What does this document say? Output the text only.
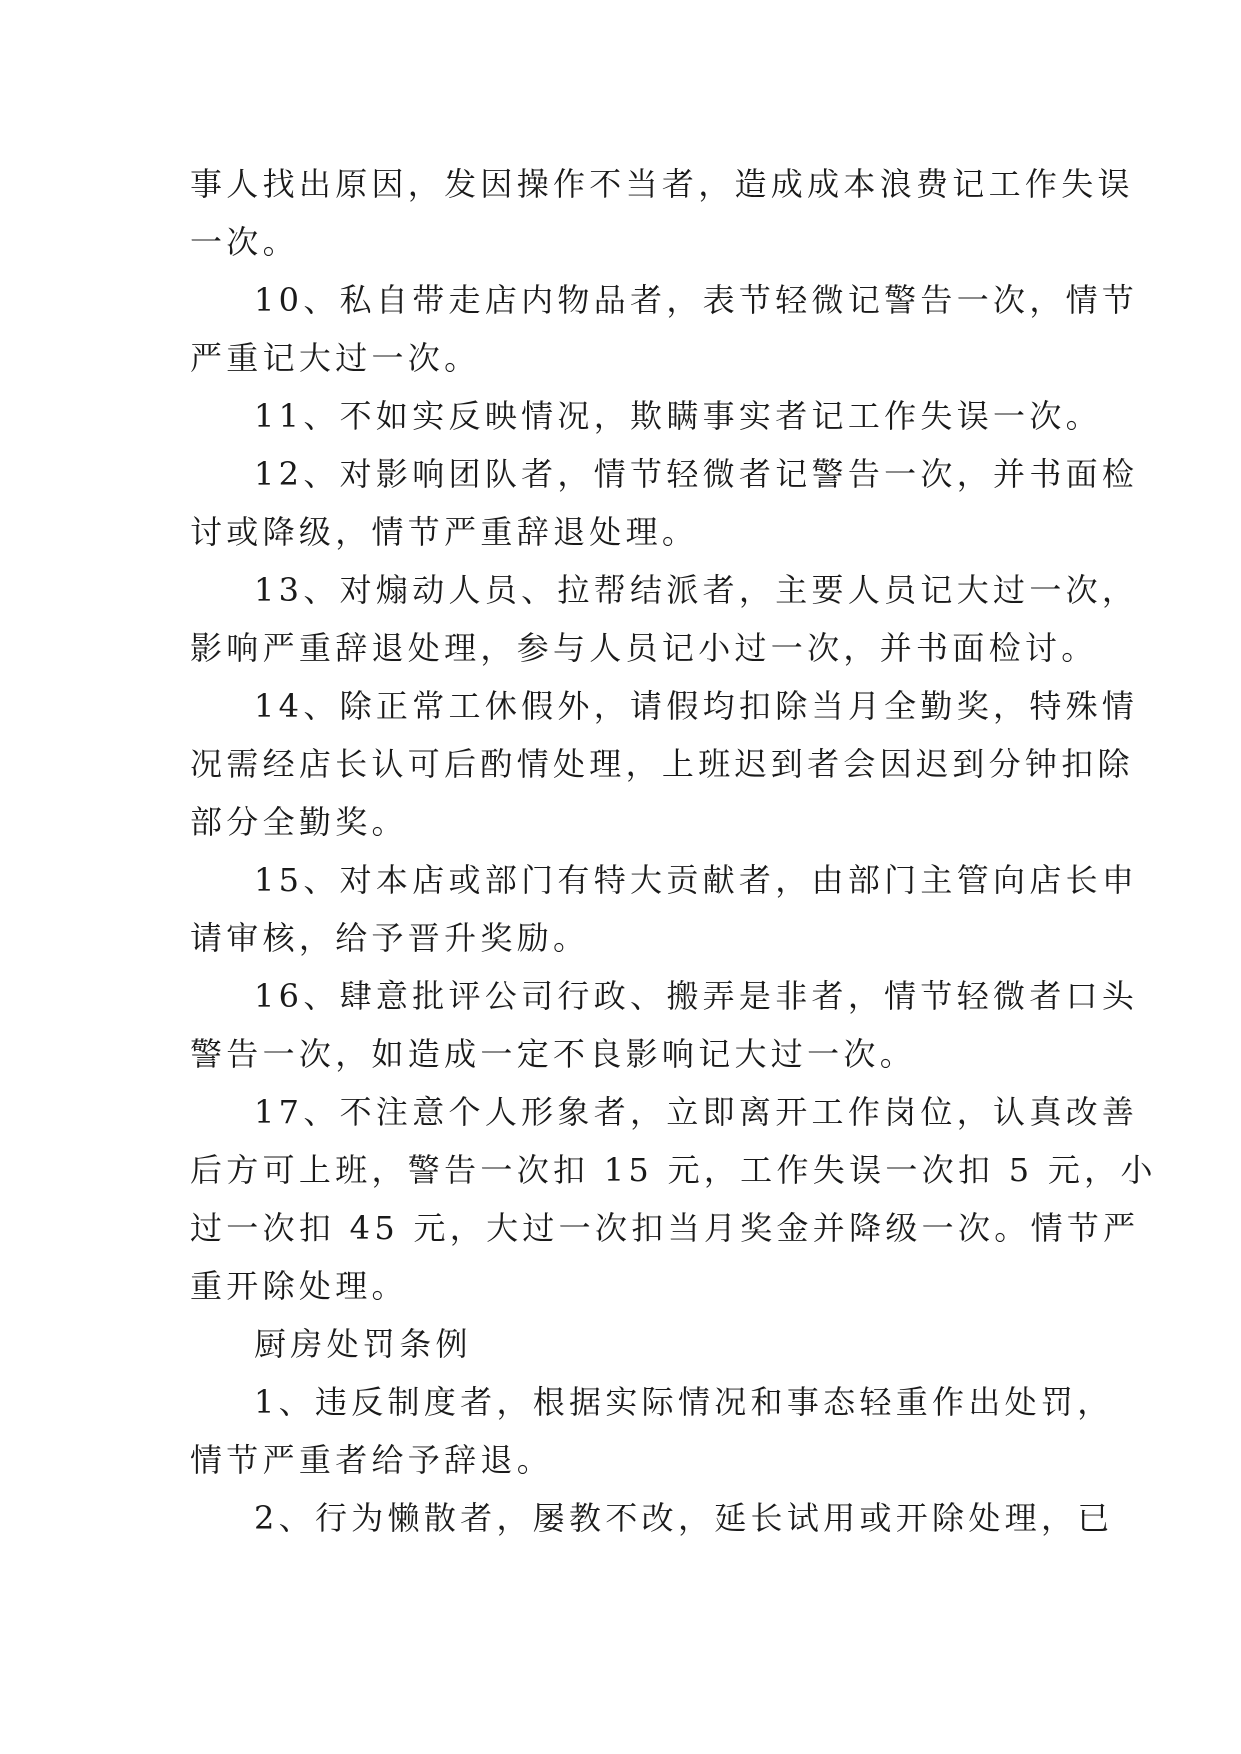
事人找出原因，发因操作不当者，造成成本浪费记工作失误
一次。
10、私自带走店内物品者，表节轻微记警告一次，情节
严重记大过一次。
11、不如实反映情况，欺瞒事实者记工作失误一次。
12、对影响团队者，情节轻微者记警告一次，并书面检
讨或降级，情节严重辞退处理。
13、对煽动人员、拉帮结派者，主要人员记大过一次，
影响严重辞退处理，参与人员记小过一次，并书面检讨。
14、除正常工休假外，请假均扣除当月全勤奖，特殊情
况需经店长认可后酌情处理，上班迟到者会因迟到分钟扣除
部分全勤奖。
15、对本店或部门有特大贡献者，由部门主管向店长申
请审核，给予晋升奖励。
16、肆意批评公司行政、搬弄是非者，情节轻微者口头
警告一次，如造成一定不良影响记大过一次。
17、不注意个人形象者，立即离开工作岗位，认真改善
后方可上班，警告一次扣 15 元，工作失误一次扣 5 元，小
过一次扣 45 元，大过一次扣当月奖金并降级一次。情节严
重开除处理。
厨房处罚条例
1、违反制度者，根据实际情况和事态轻重作出处罚，
情节严重者给予辞退。
2、行为懒散者，屡教不改，延长试用或开除处理，已
